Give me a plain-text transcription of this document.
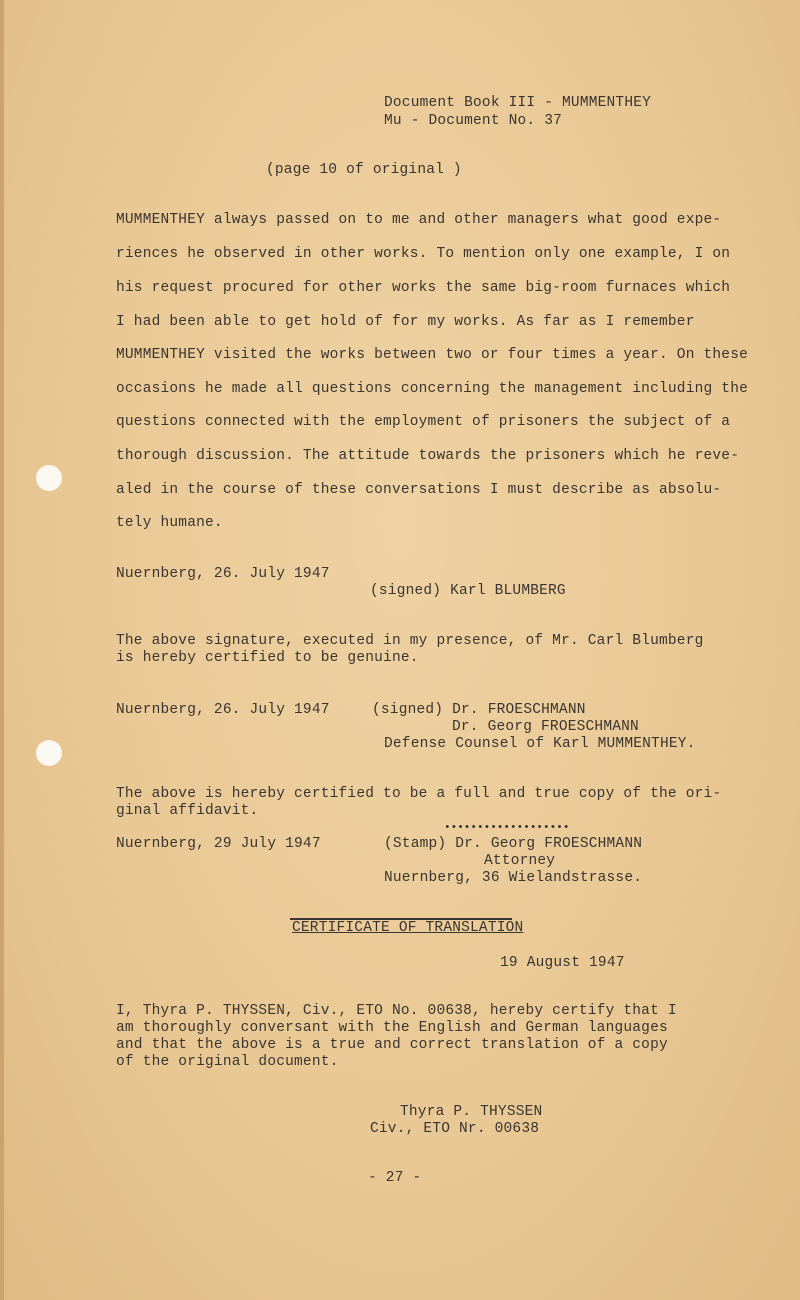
Document Book III - MUMMENTHEY
Mu - Document No. 37
(page 10 of original )
MUMMENTHEY always passed on to me and other managers what good expe-
riences he observed in other works. To mention only one example, I on
his request procured for other works the same big-room furnaces which
I had been able to get hold of for my works. As far as I remember
MUMMENTHEY visited the works between two or four times a year. On these
occasions he made all questions concerning the management including the
questions connected with the employment of prisoners the subject of a
thorough discussion. The attitude towards the prisoners which he reve-
aled in the course of these conversations I must describe as absolu-
tely humane.
Nuernberg, 26. July 1947
(signed) Karl BLUMBERG
The above signature, executed in my presence, of Mr. Carl Blumberg
is hereby certified to be genuine.
Nuernberg, 26. July 1947	(signed) Dr. FROESCHMANN
Dr. Georg FROESCHMANN
Defense Counsel of Karl MUMMENTHEY.
The above is hereby certified to be a full and true copy of the ori-
ginal affidavit.
•••••••••••••••••••
Nuernberg, 29 July 1947	(Stamp) Dr. Georg FROESCHMANN
Attorney
Nuernberg, 36 Wielandstrasse.
CERTIFICATE OF TRANSLATION
19 August 1947
I, Thyra P. THYSSEN, Civ., ETO No. 00638, hereby certify that I
am thoroughly conversant with the English and German languages
and that the above is a true and correct translation of a copy
of the original document.
Thyra P. THYSSEN
Civ., ETO Nr. 00638
- 27 -
